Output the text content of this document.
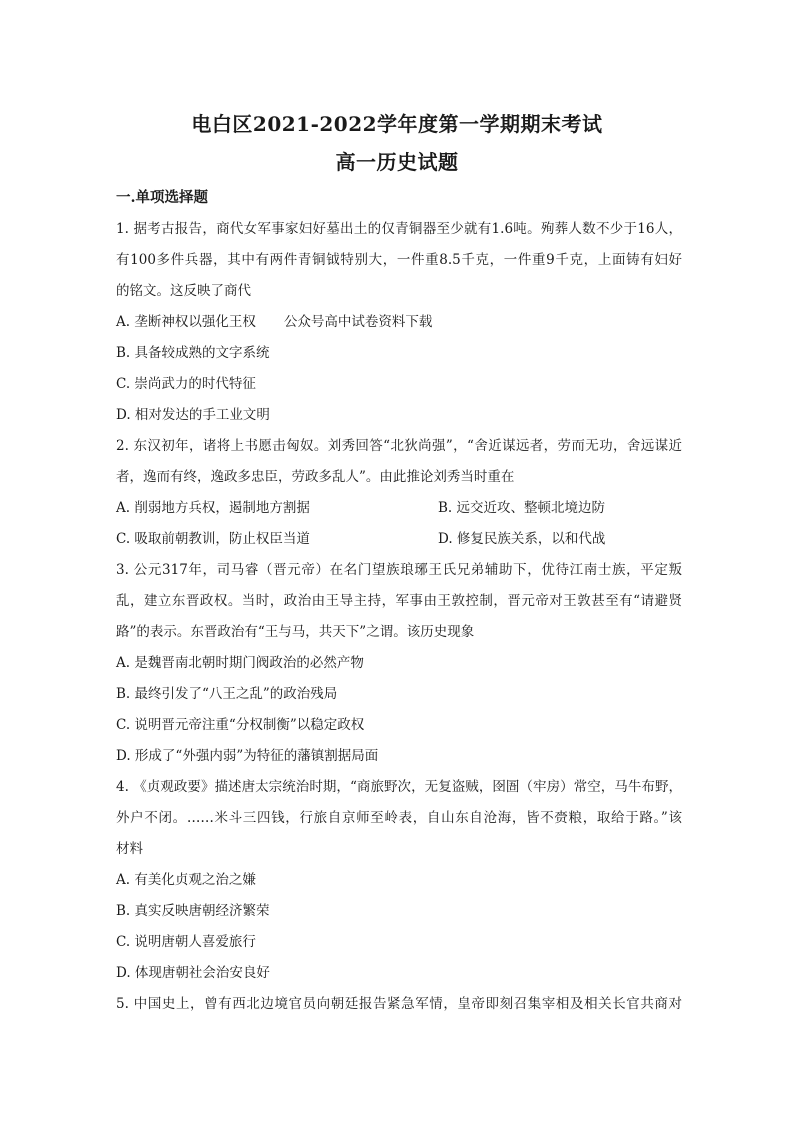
电白区2021-2022学年度第一学期期末考试
高一历史试题
一.单项选择题
1. 据考古报告，商代女军事家妇好墓出土的仅青铜器至少就有1.6吨。殉葬人数不少于16人，
有100多件兵器，其中有两件青铜钺特别大，一件重8.5千克，一件重9千克，上面铸有妇好
的铭文。这反映了商代
A. 垄断神权以强化王权 公众号高中试卷资料下载
B. 具备较成熟的文字系统
C. 崇尚武力的时代特征
D. 相对发达的手工业文明
2. 东汉初年，诸将上书愿击匈奴。刘秀回答“北狄尚强”，“舍近谋远者，劳而无功，舍远谋近
者，逸而有终，逸政多忠臣，劳政多乱人”。由此推论刘秀当时重在
A. 削弱地方兵权，遏制地方割据	B. 远交近攻、整顿北境边防
C. 吸取前朝教训，防止权臣当道	D. 修复民族关系，以和代战
3. 公元317年，司马睿（晋元帝）在名门望族琅琊王氏兄弟辅助下，优待江南士族，平定叛
乱，建立东晋政权。当时，政治由王导主持，军事由王敦控制，晋元帝对王敦甚至有“请避贤
路”的表示。东晋政治有“王与马，共天下”之谓。该历史现象
A. 是魏晋南北朝时期门阀政治的必然产物
B. 最终引发了“八王之乱”的政治残局
C. 说明晋元帝注重“分权制衡”以稳定政权
D. 形成了“外强内弱”为特征的藩镇割据局面
4. 《贞观政要》描述唐太宗统治时期，“商旅野次，无复盗贼，囹圄（牢房）常空，马牛布野，
外户不闭。……米斗三四钱，行旅自京师至岭表，自山东自沧海，皆不赍粮，取给于路。”该
材料
A. 有美化贞观之治之嫌
B. 真实反映唐朝经济繁荣
C. 说明唐朝人喜爱旅行
D. 体现唐朝社会治安良好
5. 中国史上，曾有西北边境官员向朝廷报告紧急军情，皇帝即刻召集宰相及相关长官共商对
